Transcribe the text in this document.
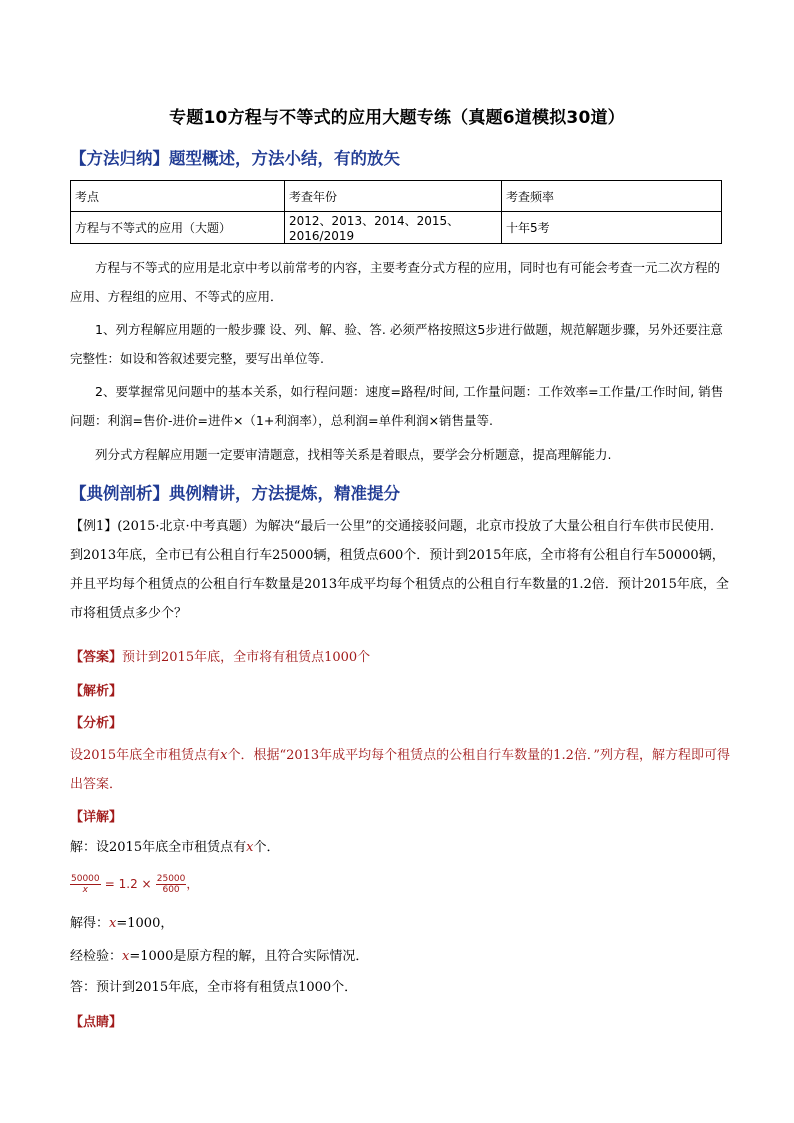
专题10方程与不等式的应用大题专练（真题6道模拟30道）
【方法归纳】题型概述，方法小结，有的放矢
考点	考查年份	考查频率
方程与不等式的应用（大题）	2012、2013、2014、2015、2016/2019	十年5考
方程与不等式的应用是北京中考以前常考的内容，主要考查分式方程的应用，同时也有可能会考查一元二次方程的应用、方程组的应用、不等式的应用．
1、列方程解应用题的一般步骤 设、列、解、验、答. 必须严格按照这5步进行做题，规范解题步骤，另外还要注意完整性：如设和答叙述要完整，要写出单位等.
2、要掌握常见问题中的基本关系，如行程问题：速度=路程/时间, 工作量问题：工作效率=工作量/工作时间, 销售问题：利润=售价-进价=进件×（1+利润率），总利润=单件利润×销售量等.
列分式方程解应用题一定要审清题意，找相等关系是着眼点，要学会分析题意，提高理解能力.
【典例剖析】典例精讲，方法提炼，精准提分
【例1】(2015·北京·中考真题）为解决“最后一公里”的交通接驳问题，北京市投放了大量公租自行车供市民使用．到2013年底，全市已有公租自行车25000辆，租赁点600个．预计到2015年底，全市将有公租自行车50000辆，并且平均每个租赁点的公租自行车数量是2013年成平均每个租赁点的公租自行车数量的1.2倍．预计2015年底，全市将租赁点多少个？
【答案】预计到2015年底，全市将有租赁点1000个
【解析】
【分析】
设2015年底全市租赁点有x个．根据“2013年成平均每个租赁点的公租自行车数量的1.2倍．”列方程，解方程即可得出答案．
【详解】
解：设2015年底全市租赁点有x个．
$\frac{50000}{x} = 1.2 \times \frac{25000}{600}$ ，
解得：x=1000，
经检验：x=1000是原方程的解，且符合实际情况．
答：预计到2015年底，全市将有租赁点1000个．
【点睛】
